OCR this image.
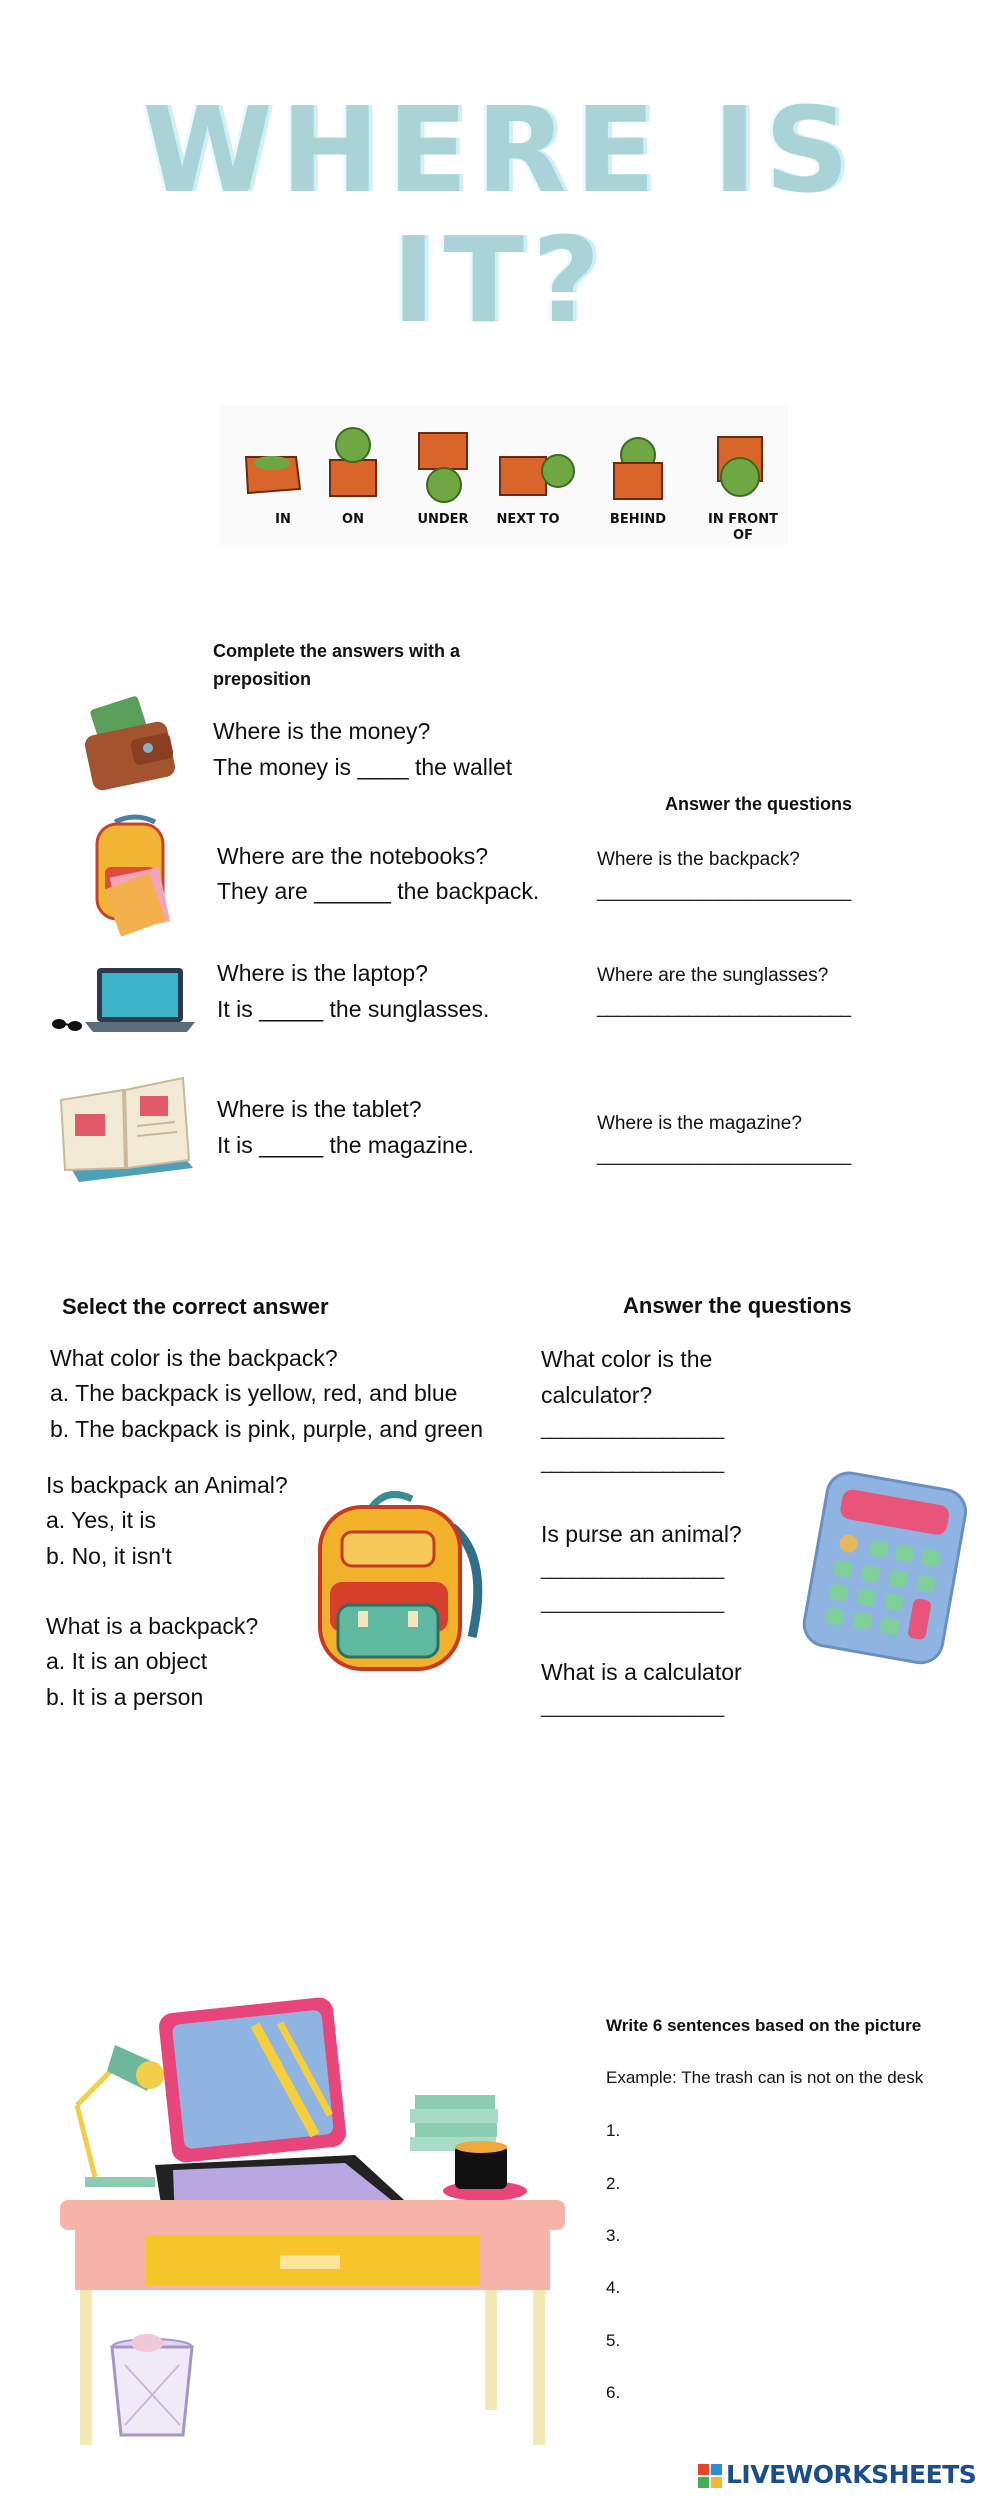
WHERE IS
IT?
IN	ON	UNDER	NEXT TO	BEHIND	IN FRONT OF
Complete the answers with a preposition
Where is the money?
The money is ____ the wallet
Where are the notebooks?
They are ______ the backpack.
Where is the laptop?
It is _____ the sunglasses.
Where is the tablet?
It is _____ the magazine.
Answer the questions
Where is the backpack?
_________________________
Where are the sunglasses?
_________________________
Where is the magazine?
_________________________
Select the correct answer
What color is the backpack?
a. The backpack is yellow, red, and blue
b. The backpack is pink, purple, and green
Is backpack an Animal?
a. Yes, it is
b. No, it isn't
What is a backpack?
a. It is an object
b. It is a person
Answer the questions
What color is the
calculator?
__________________
__________________
Is purse an animal?
__________________
__________________
What is a calculator
__________________
Write 6 sentences based on the picture
Example: The trash can is not on the desk
1.
2.
3.
4.
5.
6.
LIVEWORKSHEETS
